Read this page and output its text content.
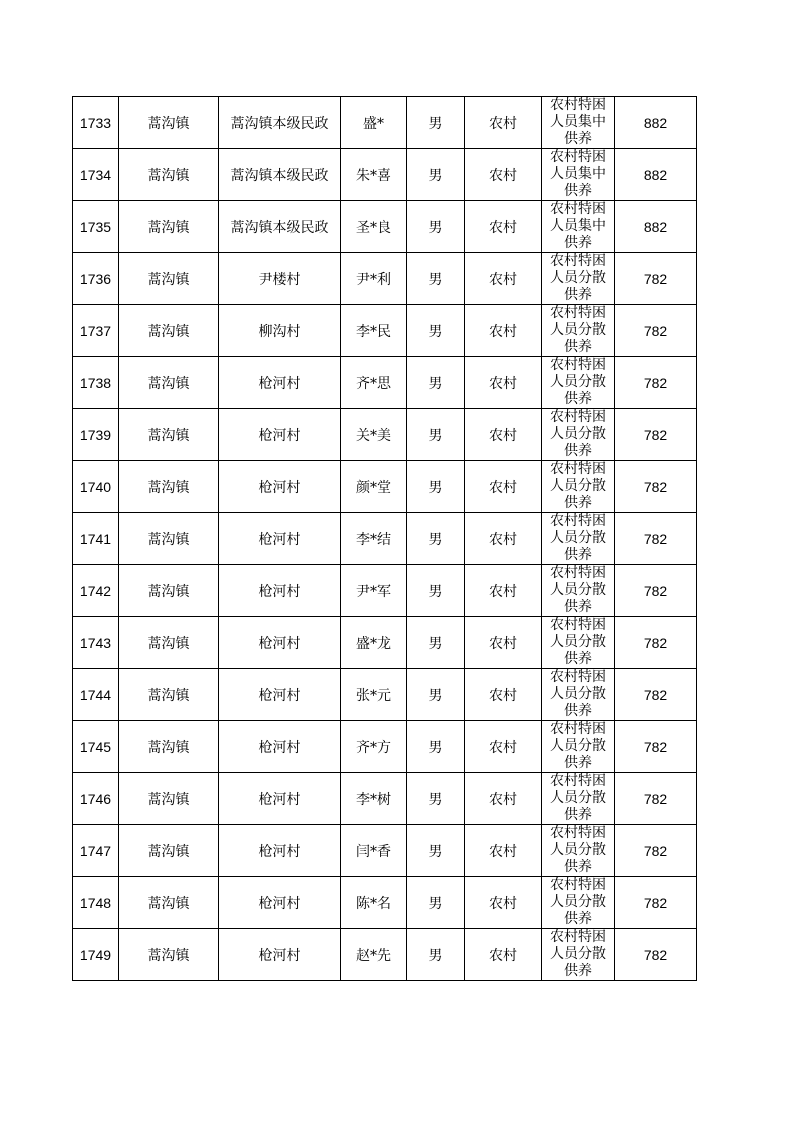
1733	蒿沟镇	蒿沟镇本级民政	盛*	男	农村	农村特困
人员集中
供养	882
1734	蒿沟镇	蒿沟镇本级民政	朱*喜	男	农村	农村特困
人员集中
供养	882
1735	蒿沟镇	蒿沟镇本级民政	圣*良	男	农村	农村特困
人员集中
供养	882
1736	蒿沟镇	尹楼村	尹*利	男	农村	农村特困
人员分散
供养	782
1737	蒿沟镇	柳沟村	李*民	男	农村	农村特困
人员分散
供养	782
1738	蒿沟镇	枪河村	齐*思	男	农村	农村特困
人员分散
供养	782
1739	蒿沟镇	枪河村	关*美	男	农村	农村特困
人员分散
供养	782
1740	蒿沟镇	枪河村	颜*堂	男	农村	农村特困
人员分散
供养	782
1741	蒿沟镇	枪河村	李*结	男	农村	农村特困
人员分散
供养	782
1742	蒿沟镇	枪河村	尹*军	男	农村	农村特困
人员分散
供养	782
1743	蒿沟镇	枪河村	盛*龙	男	农村	农村特困
人员分散
供养	782
1744	蒿沟镇	枪河村	张*元	男	农村	农村特困
人员分散
供养	782
1745	蒿沟镇	枪河村	齐*方	男	农村	农村特困
人员分散
供养	782
1746	蒿沟镇	枪河村	李*树	男	农村	农村特困
人员分散
供养	782
1747	蒿沟镇	枪河村	闫*香	男	农村	农村特困
人员分散
供养	782
1748	蒿沟镇	枪河村	陈*名	男	农村	农村特困
人员分散
供养	782
1749	蒿沟镇	枪河村	赵*先	男	农村	农村特困
人员分散
供养	782
